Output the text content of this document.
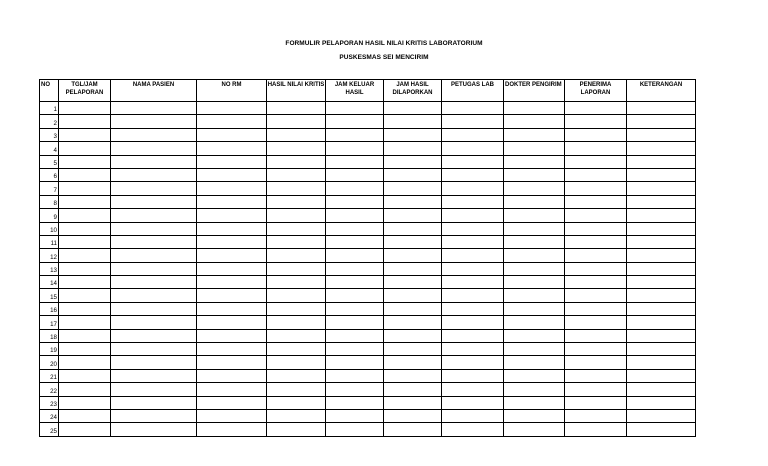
FORMULIR PELAPORAN HASIL NILAI KRITIS LABORATORIUM
PUSKESMAS SEI MENCIRIM
NO	TGL/JAM PELAPORAN	NAMA PASIEN	NO RM	HASIL NILAI KRITIS	JAM KELUAR HASIL	JAM HASIL DILAPORKAN	PETUGAS LAB	DOKTER PENGIRIM	PENERIMA LAPORAN	KETERANGAN
1										
2										
3										
4										
5										
6										
7										
8										
9										
10										
11										
12										
13										
14										
15										
16										
17										
18										
19										
20										
21										
22										
23										
24										
25										
